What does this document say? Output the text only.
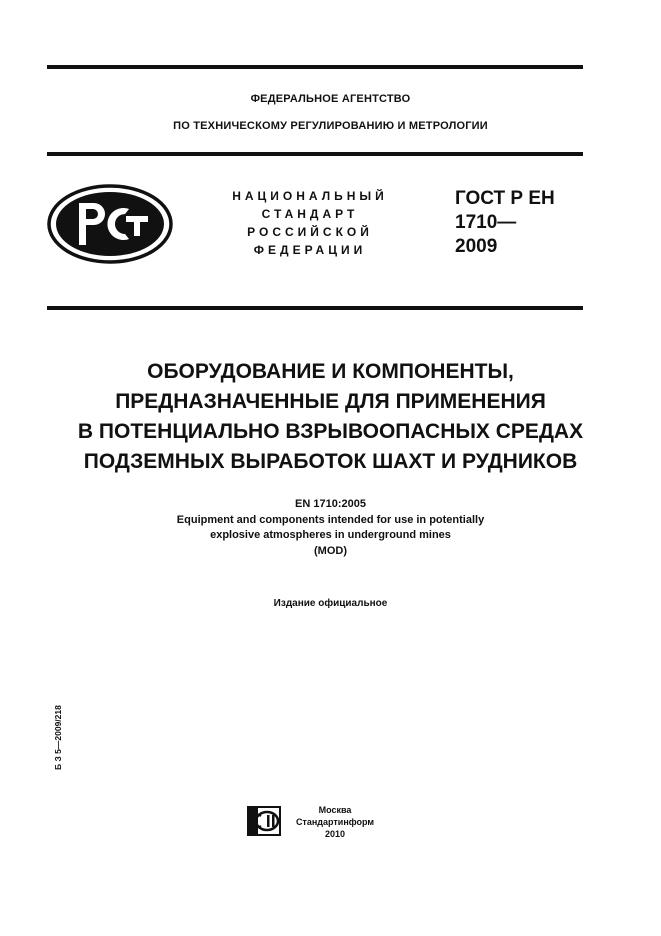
ФЕДЕРАЛЬНОЕ АГЕНТСТВО
ПО ТЕХНИЧЕСКОМУ РЕГУЛИРОВАНИЮ И МЕТРОЛОГИИ
НАЦИОНАЛЬНЫЙ
СТАНДАРТ
РОССИЙСКОЙ
ФЕДЕРАЦИИ
ГОСТ Р ЕН
1710—
2009
ОБОРУДОВАНИЕ И КОМПОНЕНТЫ,
ПРЕДНАЗНАЧЕННЫЕ ДЛЯ ПРИМЕНЕНИЯ
В ПОТЕНЦИАЛЬНО ВЗРЫВООПАСНЫХ СРЕДАХ
ПОДЗЕМНЫХ ВЫРАБОТОК ШАХТ И РУДНИКОВ
EN 1710:2005
Equipment and components intended for use in potentially
explosive atmospheres in underground mines
(MOD)
Издание официальное
Б З 5—2009/218
Москва
Стандартинформ
2010
